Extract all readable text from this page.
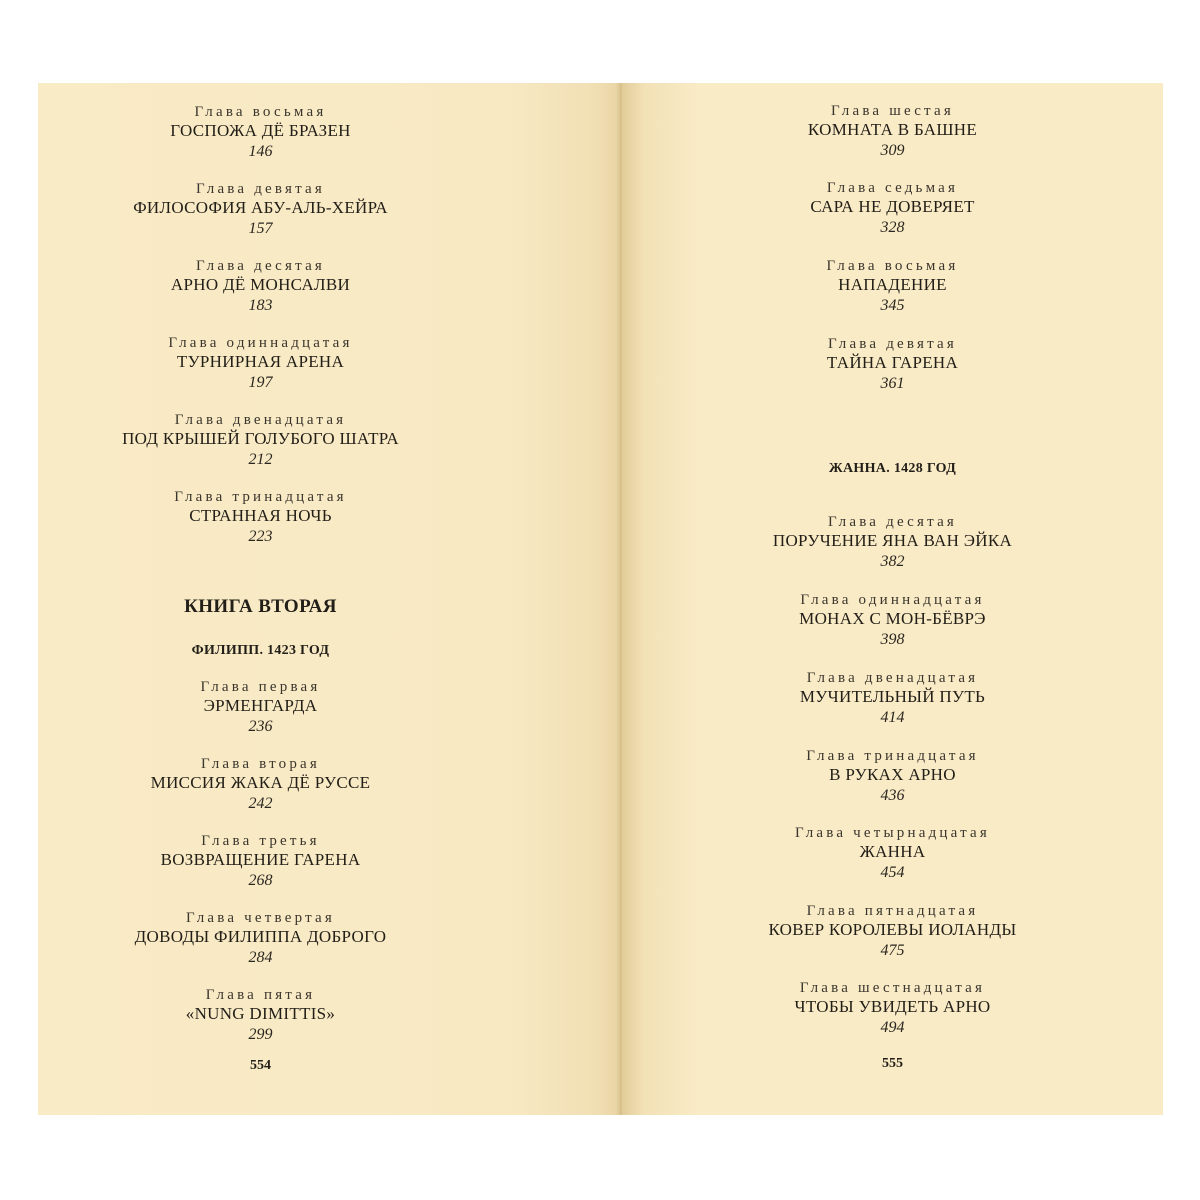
Глава восьмая
ГОСПОЖА ДЁ БРАЗЕН
146
Глава девятая
ФИЛОСОФИЯ АБУ-АЛЬ-ХЕЙРА
157
Глава десятая
АРНО ДЁ МОНСАЛВИ
183
Глава одиннадцатая
ТУРНИРНАЯ АРЕНА
197
Глава двенадцатая
ПОД КРЫШЕЙ ГОЛУБОГО ШАТРА
212
Глава тринадцатая
СТРАННАЯ НОЧЬ
223
КНИГА ВТОРАЯ
ФИЛИПП. 1423 ГОД
Глава первая
ЭРМЕНГАРДА
236
Глава вторая
МИССИЯ ЖАКА ДЁ РУССЕ
242
Глава третья
ВОЗВРАЩЕНИЕ ГАРЕНА
268
Глава четвертая
ДОВОДЫ ФИЛИППА ДОБРОГО
284
Глава пятая
«NUNG DIMITTIS»
299
554
Глава шестая
КОМНАТА В БАШНЕ
309
Глава седьмая
САРА НЕ ДОВЕРЯЕТ
328
Глава восьмая
НАПАДЕНИЕ
345
Глава девятая
ТАЙНА ГАРЕНА
361
ЖАННА. 1428 ГОД
Глава десятая
ПОРУЧЕНИЕ ЯНА ВАН ЭЙКА
382
Глава одиннадцатая
МОНАХ С МОН-БЁВРЭ
398
Глава двенадцатая
МУЧИТЕЛЬНЫЙ ПУТЬ
414
Глава тринадцатая
В РУКАХ АРНО
436
Глава четырнадцатая
ЖАННА
454
Глава пятнадцатая
КОВЕР КОРОЛЕВЫ ИОЛАНДЫ
475
Глава шестнадцатая
ЧТОБЫ УВИДЕТЬ АРНО
494
555
